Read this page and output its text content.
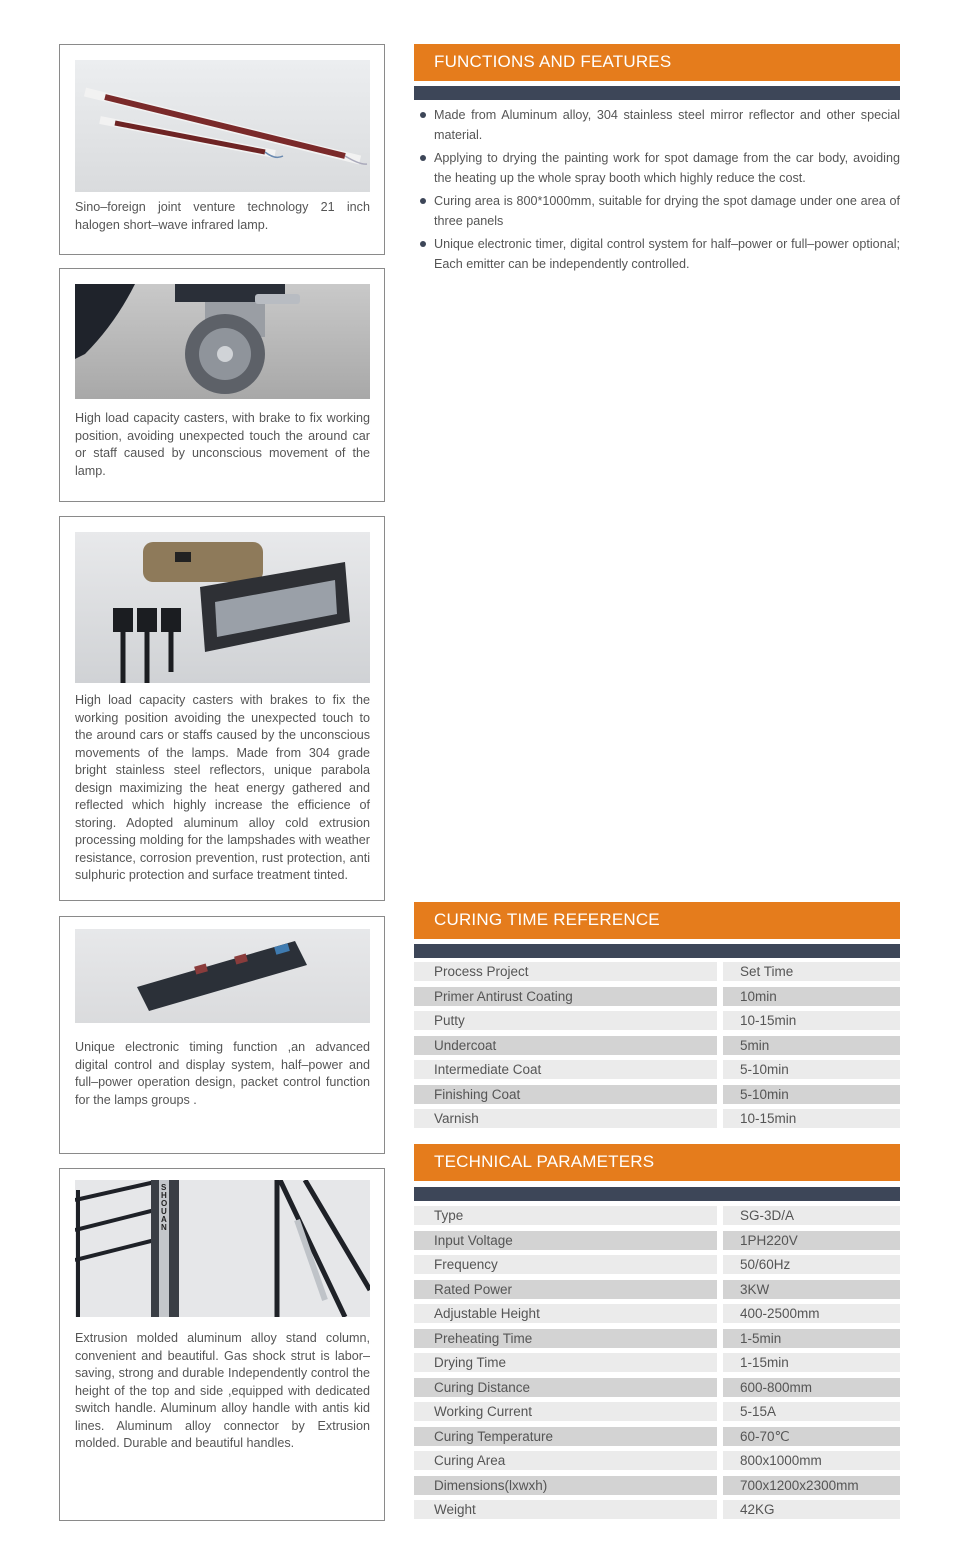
Sino–foreign joint venture technology 21 inch halogen short–wave infrared lamp.
High load capacity casters, with brake to fix working position, avoiding unexpected touch the around car or staff caused by unconscious movement of the lamp.
High load capacity casters with brakes to fix the working position avoiding the unexpected touch to the around cars or staffs caused by the unconscious movements of the lamps. Made from 304 grade bright stainless steel reflectors, unique parabola design maximizing the heat energy gathered and reflected which highly increase the efficience of storing. Adopted aluminum alloy cold extrusion processing molding for the lampshades with weather resistance, corrosion prevention, rust protection, anti sulphuric protection and surface treatment tinted.
Unique electronic timing function ,an advanced digital control and display system, half–power and full–power operation design, packet control function for the lamps groups .
SHOUAN
Extrusion molded aluminum alloy stand column, convenient and beautiful. Gas shock strut is labor–saving, strong and durable Independently control the height of the top and side ,equipped with dedicated switch handle. Aluminum alloy handle with antis kid lines. Aluminum alloy connector by Extrusion molded. Durable and beautiful handles.
FUNCTIONS AND FEATURES
Made from Aluminum alloy, 304 stainless steel mirror reflector and other special material.
Applying to drying the painting work for spot damage from the car body, avoiding the heating up the whole spray booth which highly reduce the cost.
Curing area is 800*1000mm, suitable for drying the spot damage under one area of three panels
Unique electronic timer, digital control system for half–power or full–power optional; Each emitter can be independently controlled.
CURING TIME REFERENCE
Process Project	Set Time
Primer Antirust Coating	10min
Putty	10-15min
Undercoat	5min
Intermediate Coat	5-10min
Finishing Coat	5-10min
Varnish	10-15min
TECHNICAL PARAMETERS
Type	SG-3D/A
Input Voltage	1PH220V
Frequency	50/60Hz
Rated Power	3KW
Adjustable Height	400-2500mm
Preheating Time	1-5min
Drying Time	1-15min
Curing Distance	600-800mm
Working Current	5-15A
Curing Temperature	60-70℃
Curing Area	800x1000mm
Dimensions(lxwxh)	700x1200x2300mm
Weight	42KG
